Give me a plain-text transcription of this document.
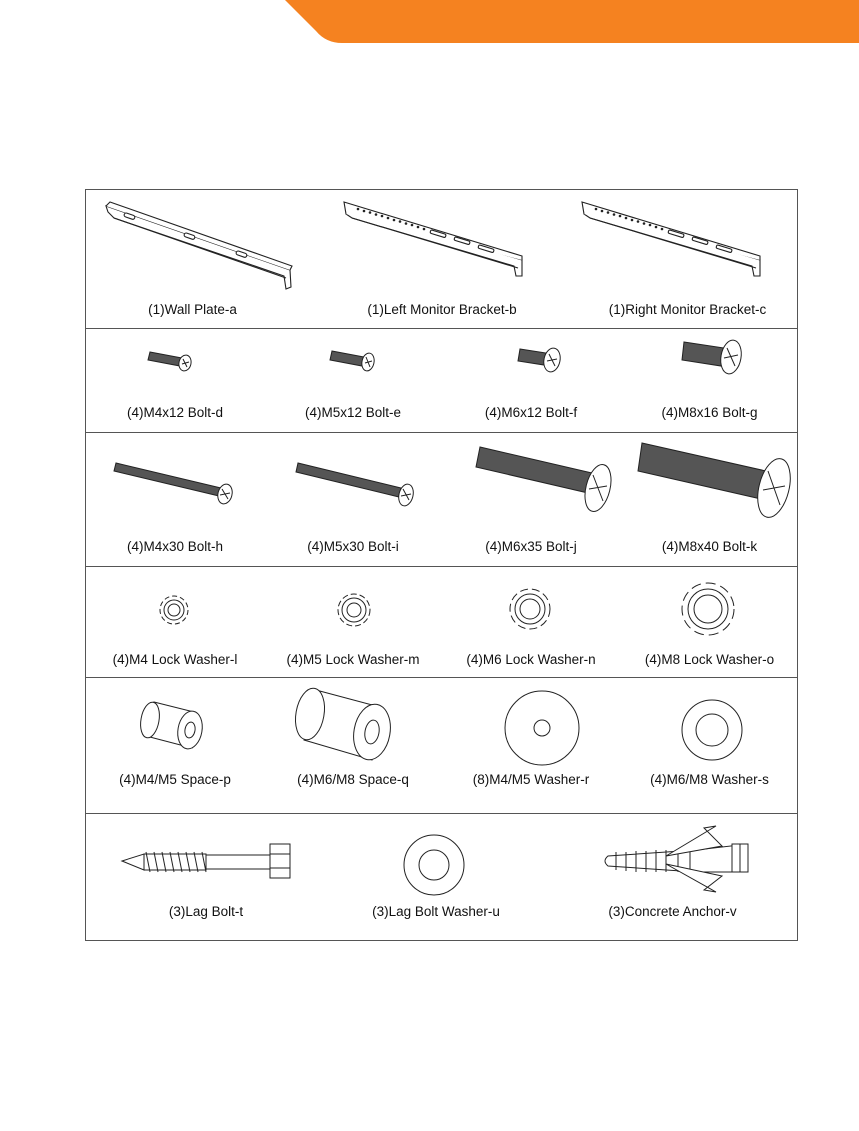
(1)Wall Plate-a	(1)Left Monitor Bracket-b	(1)Right Monitor Bracket-c
(4)M4x12 Bolt-d	(4)M5x12 Bolt-e	(4)M6x12 Bolt-f	(4)M8x16 Bolt-g
(4)M4x30 Bolt-h	(4)M5x30 Bolt-i	(4)M6x35 Bolt-j	(4)M8x40 Bolt-k
(4)M4 Lock Washer-l	(4)M5 Lock Washer-m	(4)M6 Lock Washer-n	(4)M8 Lock Washer-o
(4)M4/M5 Space-p	(4)M6/M8 Space-q	(8)M4/M5 Washer-r	(4)M6/M8 Washer-s
(3)Lag Bolt-t	(3)Lag Bolt Washer-u	(3)Concrete Anchor-v
